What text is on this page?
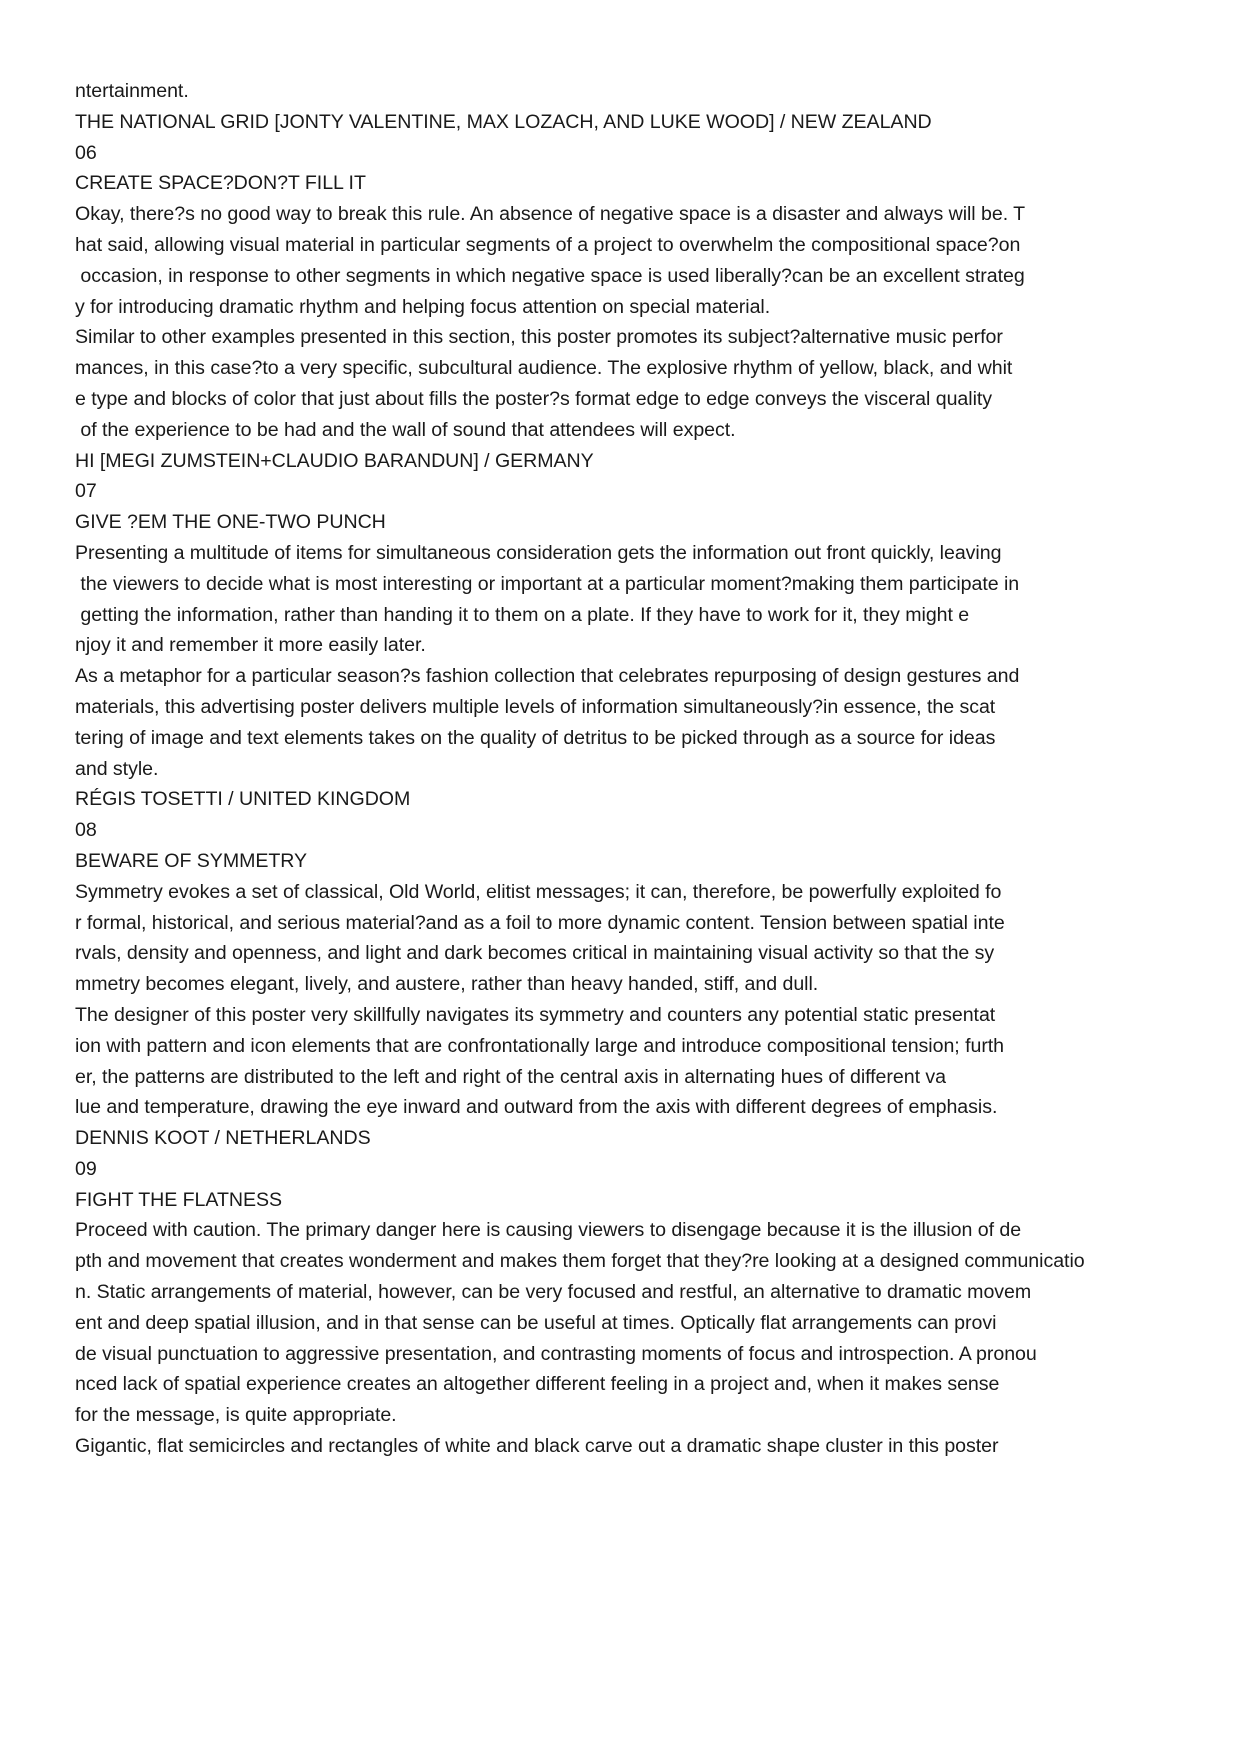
ntertainment.
THE NATIONAL GRID [JONTY VALENTINE, MAX LOZACH, AND LUKE WOOD] / NEW ZEALAND
06
CREATE SPACE?DON?T FILL IT
Okay, there?s no good way to break this rule. An absence of negative space is a disaster and always will be. T
hat said, allowing visual material in particular segments of a project to overwhelm the compositional space?on
occasion, in response to other segments in which negative space is used liberally?can be an excellent strateg
y for introducing dramatic rhythm and helping focus attention on special material.
Similar to other examples presented in this section, this poster promotes its subject?alternative music perfor
mances, in this case?to a very specific, subcultural audience. The explosive rhythm of yellow, black, and whit
e type and blocks of color that just about fills the poster?s format edge to edge conveys the visceral quality
of the experience to be had and the wall of sound that attendees will expect.
HI [MEGI ZUMSTEIN+CLAUDIO BARANDUN] / GERMANY
07
GIVE ?EM THE ONE-TWO PUNCH
Presenting a multitude of items for simultaneous consideration gets the information out front quickly, leaving
the viewers to decide what is most interesting or important at a particular moment?making them participate in
getting the information, rather than handing it to them on a plate. If they have to work for it, they might e
njoy it and remember it more easily later.
As a metaphor for a particular season?s fashion collection that celebrates repurposing of design gestures and
materials, this advertising poster delivers multiple levels of information simultaneously?in essence, the scat
tering of image and text elements takes on the quality of detritus to be picked through as a source for ideas
and style.
RÉGIS TOSETTI / UNITED KINGDOM
08
BEWARE OF SYMMETRY
Symmetry evokes a set of classical, Old World, elitist messages; it can, therefore, be powerfully exploited fo
r formal, historical, and serious material?and as a foil to more dynamic content. Tension between spatial inte
rvals, density and openness, and light and dark becomes critical in maintaining visual activity so that the sy
mmetry becomes elegant, lively, and austere, rather than heavy handed, stiff, and dull.
The designer of this poster very skillfully navigates its symmetry and counters any potential static presentat
ion with pattern and icon elements that are confrontationally large and introduce compositional tension; furth
er, the patterns are distributed to the left and right of the central axis in alternating hues of different va
lue and temperature, drawing the eye inward and outward from the axis with different degrees of emphasis.
DENNIS KOOT / NETHERLANDS
09
FIGHT THE FLATNESS
Proceed with caution. The primary danger here is causing viewers to disengage because it is the illusion of de
pth and movement that creates wonderment and makes them forget that they?re looking at a designed communicatio
n. Static arrangements of material, however, can be very focused and restful, an alternative to dramatic movem
ent and deep spatial illusion, and in that sense can be useful at times. Optically flat arrangements can provi
de visual punctuation to aggressive presentation, and contrasting moments of focus and introspection. A pronou
nced lack of spatial experience creates an altogether different feeling in a project and, when it makes sense
for the message, is quite appropriate.
Gigantic, flat semicircles and rectangles of white and black carve out a dramatic shape cluster in this poster
